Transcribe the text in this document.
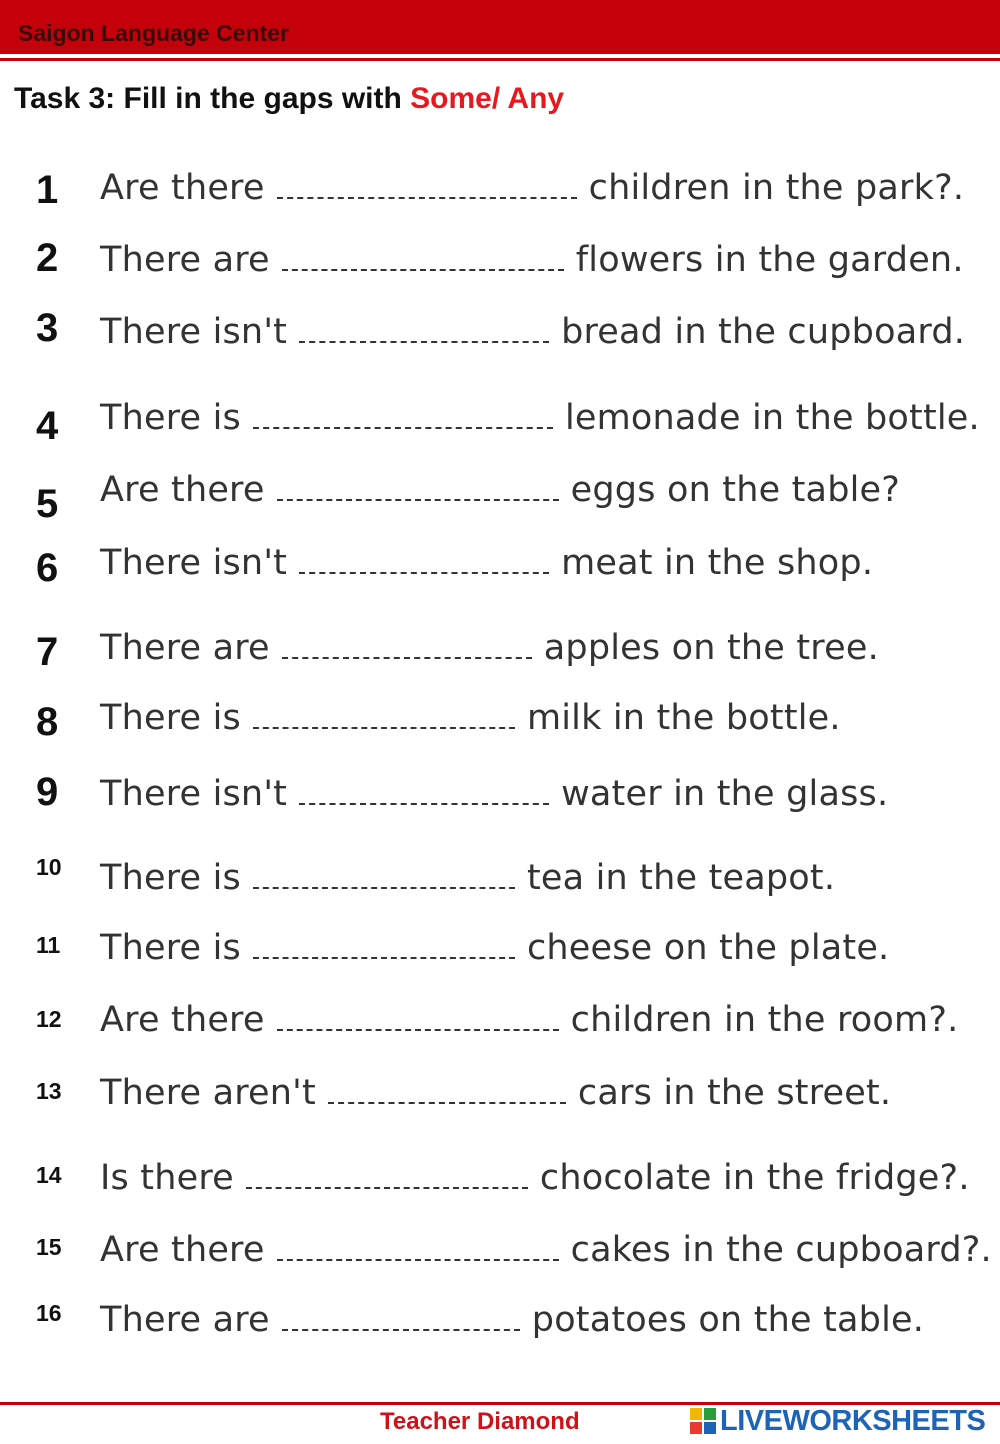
Saigon Language Center
Task 3: Fill in the gaps with Some/ Any
1	Are there	children in the park?.
2	There are	flowers in the garden.
3	There isn't	bread in the cupboard.
4	There is	lemonade in the bottle.
5	Are there	eggs on the table?
6	There isn't	meat in the shop.
7	There are	apples on the tree.
8	There is	milk in the bottle.
9	There isn't	water in the glass.
10	There is	tea in the teapot.
11	There is	cheese on the plate.
12	Are there	children in the room?.
13	There aren't	cars in the street.
14	Is there	chocolate in the fridge?.
15	Are there	cakes in the cupboard?.
16	There are	potatoes on the table.
Teacher Diamond	LIVEWORKSHEETS
